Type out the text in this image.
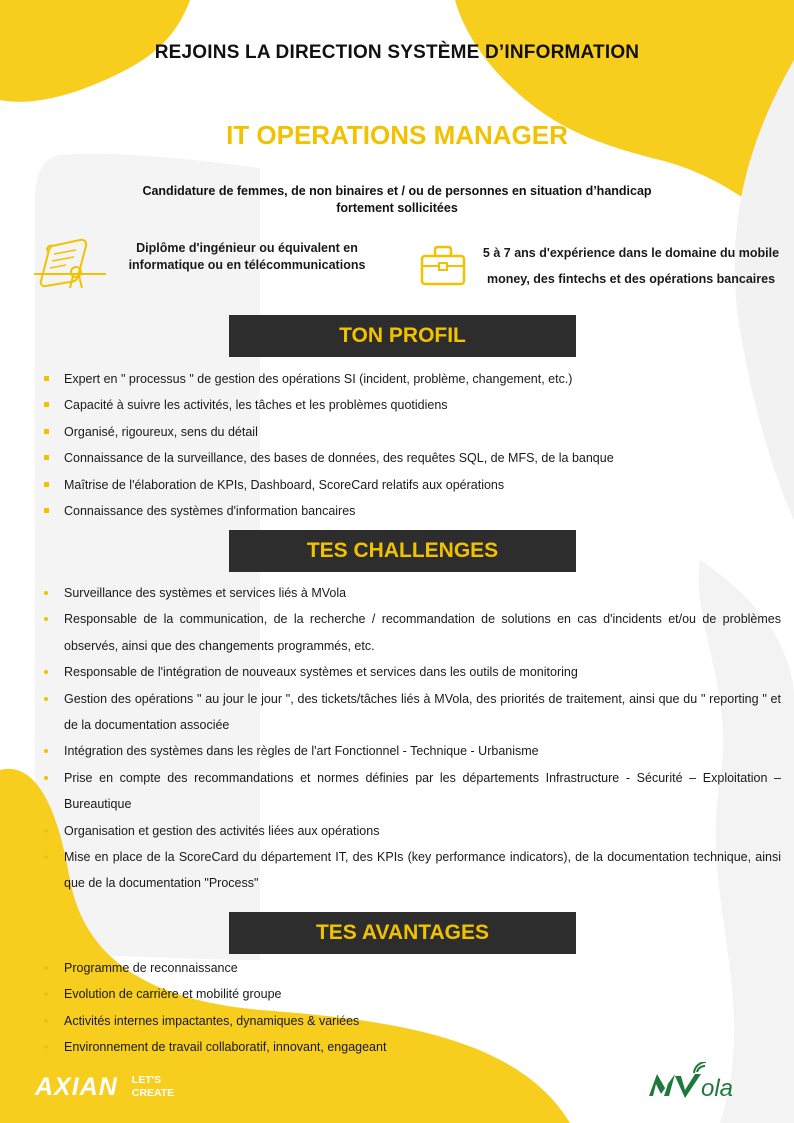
REJOINS LA DIRECTION SYSTÈME D’INFORMATION
IT OPERATIONS MANAGER
Candidature de femmes, de non binaires et / ou de personnes en situation d’handicap
fortement sollicitées
Diplôme d'ingénieur ou équivalent en
informatique ou en télécommunications
5 à 7 ans d'expérience dans le domaine du mobile
money, des fintechs et des opérations bancaires
TON PROFIL
Expert en " processus " de gestion des opérations SI (incident, problème, changement, etc.)
Capacité à suivre les activités, les tâches et les problèmes quotidiens
Organisé, rigoureux, sens du détail
Connaissance de la surveillance, des bases de données, des requêtes SQL, de MFS, de la banque
Maîtrise de l'élaboration de KPIs, Dashboard, ScoreCard relatifs aux opérations
Connaissance des systèmes d'information bancaires
TES CHALLENGES
Surveillance des systèmes et services liés à MVola
Responsable de la communication, de la recherche / recommandation de solutions en cas d'incidents et/ou de problèmes observés, ainsi que des changements programmés, etc.
Responsable de l'intégration de nouveaux systèmes et services dans les outils de monitoring
Gestion des opérations " au jour le jour ", des tickets/tâches liés à MVola, des priorités de traitement, ainsi que du " reporting " et de la documentation associée
Intégration des systèmes dans les règles de l'art Fonctionnel - Technique - Urbanisme
Prise en compte des recommandations et normes définies par les départements Infrastructure - Sécurité – Exploitation – Bureautique
Organisation et gestion des activités liées aux opérations
Mise en place de la ScoreCard du département IT, des KPIs (key performance indicators), de la documentation technique, ainsi que de la documentation "Process"
TES AVANTAGES
Programme de reconnaissance
Evolution de carrière et mobilité groupe
Activités internes impactantes, dynamiques & variées
Environnement de travail collaboratif, innovant, engageant
AXIAN LET'S
CREATE	ola
